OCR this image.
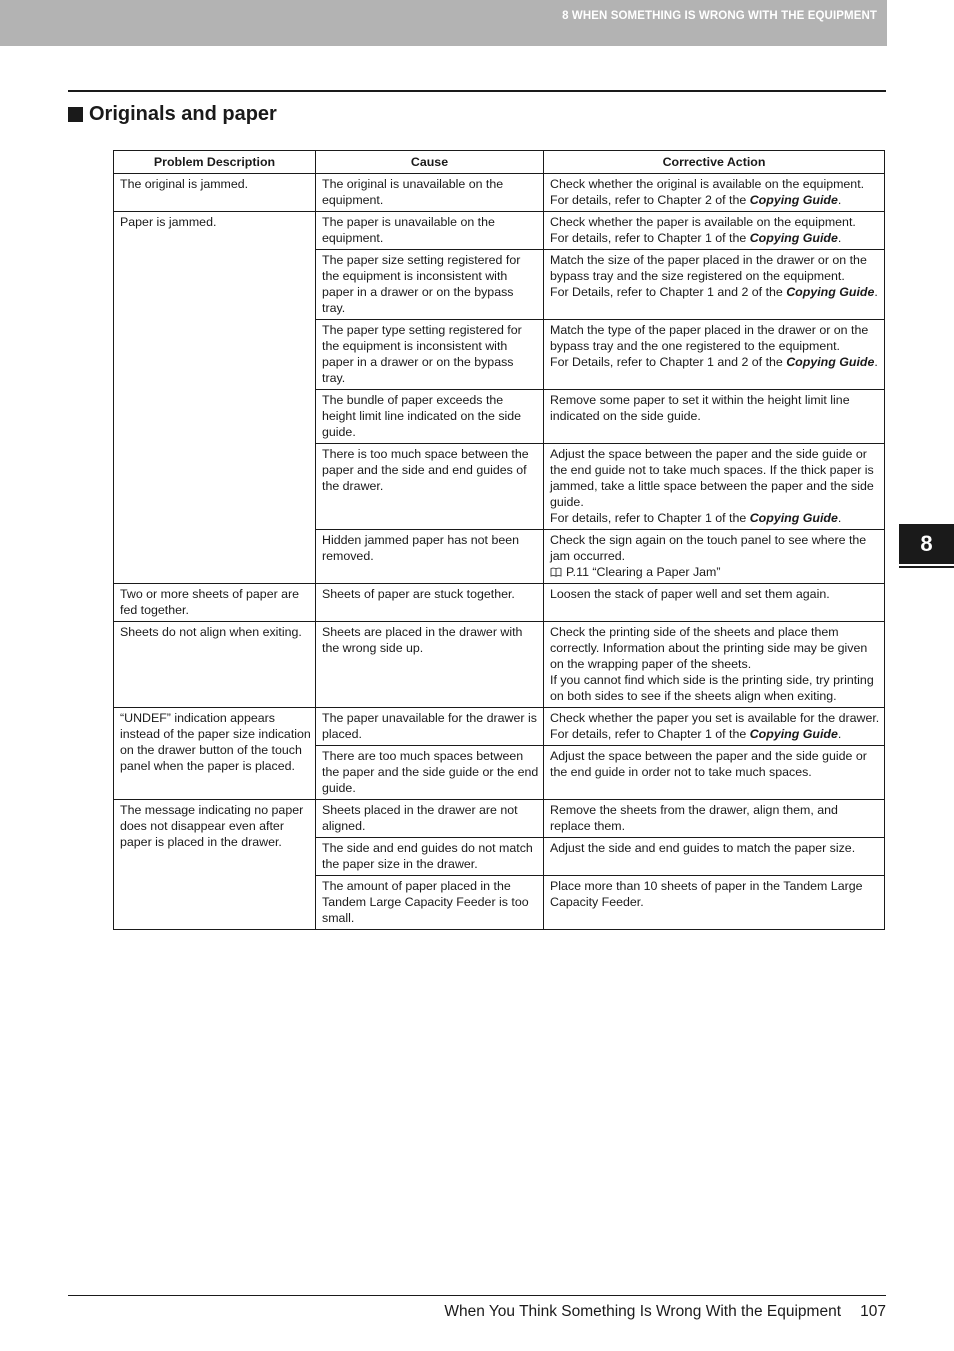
8 WHEN SOMETHING IS WRONG WITH THE EQUIPMENT
Originals and paper
Problem Description	Cause	Corrective Action
The original is jammed.	The original is unavailable on the equipment.	Check whether the original is available on the equipment.
For details, refer to Chapter 2 of the Copying Guide.

Paper is jammed.	The paper is unavailable on the equipment.	Check whether the paper is available on the equipment.
For details, refer to Chapter 1 of the Copying Guide.

	The paper size setting registered for the equipment is inconsistent with paper in a drawer or on the bypass tray.	Match the size of the paper placed in the drawer or on the bypass tray and the size registered on the equipment.
For Details, refer to Chapter 1 and 2 of the Copying Guide.

	The paper type setting registered for the equipment is inconsistent with paper in a drawer or on the bypass tray.	Match the type of the paper placed in the drawer or on the bypass tray and the one registered to the equipment.
For Details, refer to Chapter 1 and 2 of the Copying Guide.

	The bundle of paper exceeds the height limit line indicated on the side guide.	Remove some paper to set it within the height limit line indicated on the side guide.

	There is too much space between the paper and the side and end guides of the drawer.	Adjust the space between the paper and the side guide or the end guide not to take much spaces. If the thick paper is jammed, take a little space between the paper and the side guide.
For details, refer to Chapter 1 of the Copying Guide.

	Hidden jammed paper has not been removed.	Check the sign again on the touch panel to see where the jam occurred.
P.11 “Clearing a Paper Jam”

Two or more sheets of paper are fed together.	Sheets of paper are stuck together.	Loosen the stack of paper well and set them again.

Sheets do not align when exiting.	Sheets are placed in the drawer with the wrong side up.	Check the printing side of the sheets and place them correctly. Information about the printing side may be given on the wrapping paper of the sheets.
If you cannot find which side is the printing side, try printing on both sides to see if the sheets align when exiting.

“UNDEF” indication appears instead of the paper size indication on the drawer button of the touch panel when the paper is placed.	The paper unavailable for the drawer is placed.	Check whether the paper you set is available for the drawer.
For details, refer to Chapter 1 of the Copying Guide.

	There are too much spaces between the paper and the side guide or the end guide.	Adjust the space between the paper and the side guide or the end guide in order not to take much spaces.

The message indicating no paper does not disappear even after paper is placed in the drawer.	Sheets placed in the drawer are not aligned.	Remove the sheets from the drawer, align them, and replace them.

	The side and end guides do not match the paper size in the drawer.	Adjust the side and end guides to match the paper size.

	The amount of paper placed in the Tandem Large Capacity Feeder is too small.	Place more than 10 sheets of paper in the Tandem Large Capacity Feeder.
8
When You Think Something Is Wrong With the Equipment 107
